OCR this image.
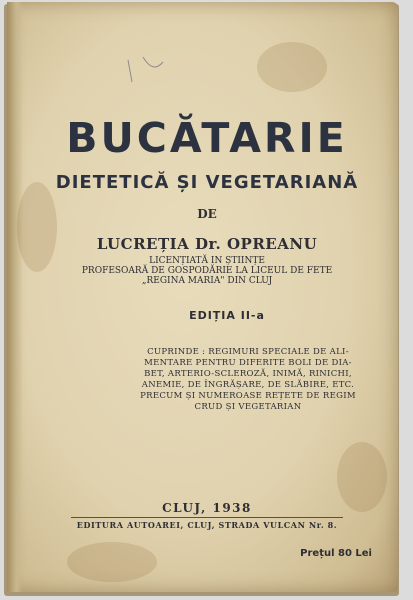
BUCĂTARIE
DIETETICĂ ȘI VEGETARIANĂ

DE

LUCREȚIA Dr. OPREANU

LICENȚIATĂ IN ȘTIINȚE

PROFESOARĂ DE GOSPODĂRIE LA LICEUL DE FETE

„REGINA MARIA" DIN CLUJ

EDIȚIA II-a

CUPRINDE : REGIMURI SPECIALE DE ALI-
MENTARE PENTRU DIFERITE BOLI DE DIA-
BET, ARTERIO-SCLEROZĂ, INIMĂ, RINICHI,
ANEMIE, DE ÎNGRĂȘARE, DE SLĂBIRE, ETC.
PRECUM ȘI NUMEROASE REȚETE DE REGIM
CRUD ȘI VEGETARIAN

CLUJ, 1938

EDITURA AUTOAREI, CLUJ, STRADA VULCAN Nr. 8.

Prețul 80 Lei
